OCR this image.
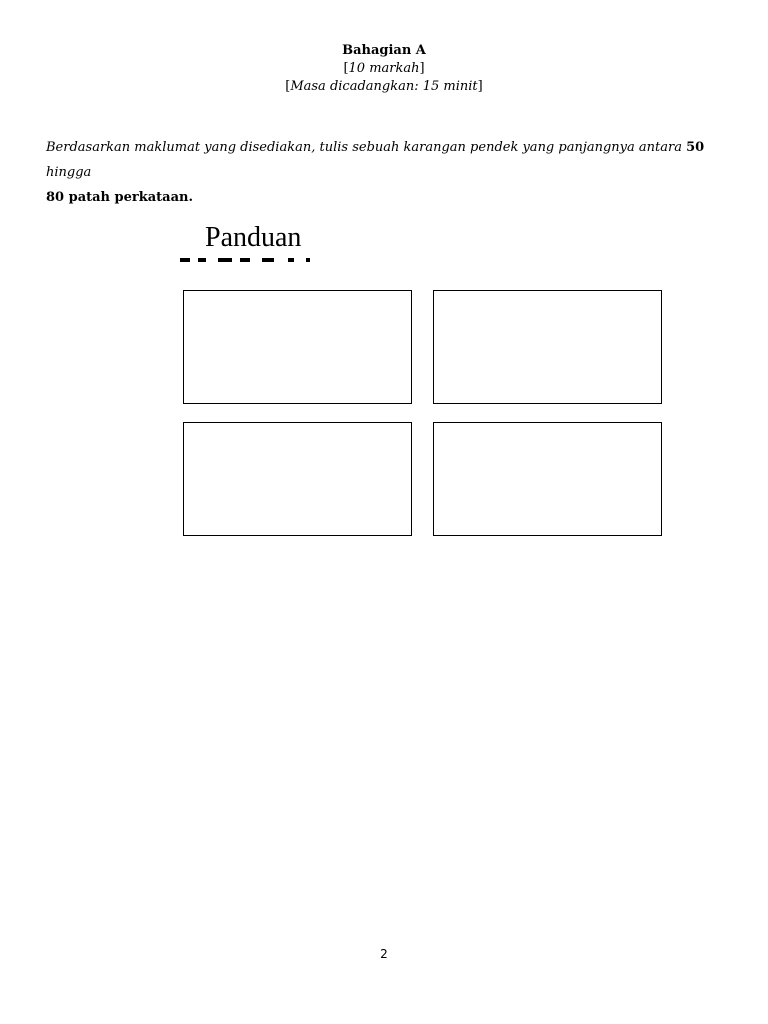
Bahagian A
[10 markah]
[Masa dicadangkan: 15 minit]
Berdasarkan maklumat yang disediakan, tulis sebuah karangan pendek yang panjangnya antara 50 hingga
80 patah perkataan.
Panduan
2
